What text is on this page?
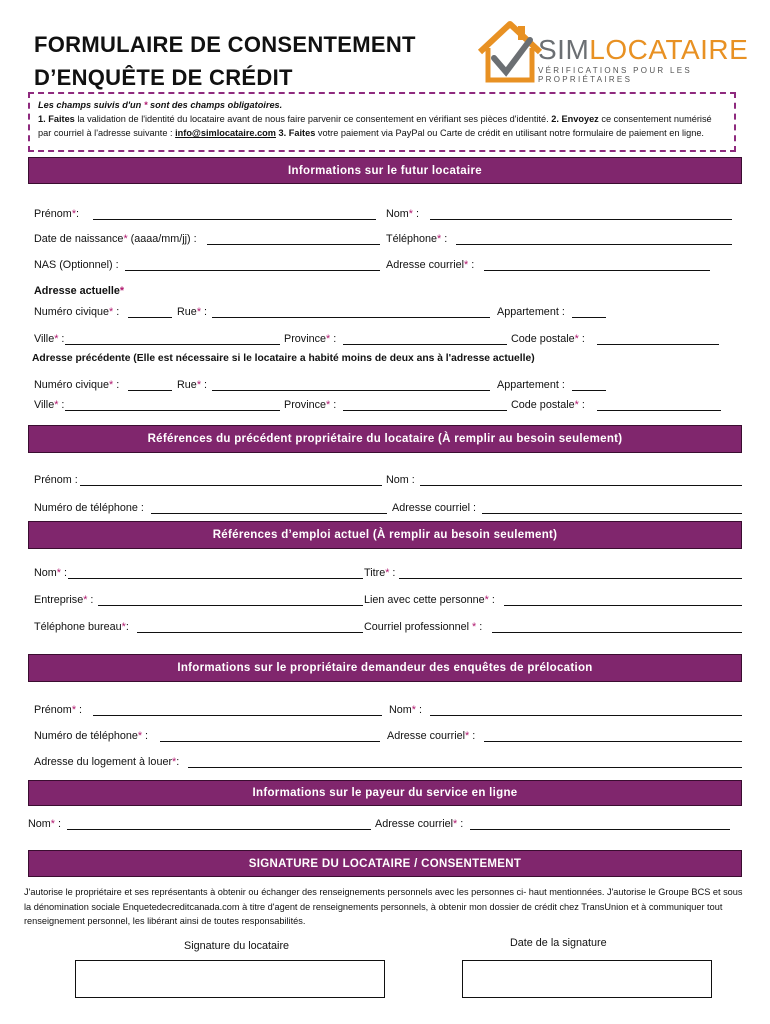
FORMULAIRE DE CONSENTEMENT
D’ENQUÊTE DE CRÉDIT
SIMLOCATAIRE
VÉRIFICATIONS POUR LES PROPRIÉTAIRES
Les champs suivis d'un * sont des champs obligatoires.
1. Faites la validation de l'identité du locataire avant de nous faire parvenir ce consentement en vérifiant ses pièces d'identité. 2. Envoyez ce consentement numérisé par courriel à l'adresse suivante : info@simlocataire.com 3. Faites votre paiement via PayPal ou Carte de crédit en utilisant notre formulaire de paiement en ligne.
Informations sur le futur locataire
Prénom*:	Nom* :
Date de naissance* (aaaa/mm/jj) :	Téléphone* :
NAS (Optionnel) :	Adresse courriel* :
Adresse actuelle*
Numéro civique* :	Rue* :	Appartement :
Ville* :	Province* :	Code postale* :
Adresse précédente (Elle est nécessaire si le locataire a habité moins de deux ans à l'adresse actuelle)
Numéro civique* :	Rue* :	Appartement :
Ville* :	Province* :	Code postale* :
Références du précédent propriétaire du locataire (À remplir au besoin seulement)
Prénom :	Nom :
Numéro de téléphone :	Adresse courriel :
Références d’emploi actuel (À remplir au besoin seulement)
Nom* :	Titre* :
Entreprise* :	Lien avec cette personne* :
Téléphone bureau*:	Courriel professionnel * :
Informations sur le propriétaire demandeur des enquêtes de prélocation
Prénom* :	Nom* :
Numéro de téléphone* :	Adresse courriel* :
Adresse du logement à louer*:
Informations sur le payeur du service en ligne
Nom* :	Adresse courriel* :
SIGNATURE DU LOCATAIRE / CONSENTEMENT
J'autorise le propriétaire et ses représentants à obtenir ou échanger des renseignements personnels avec les personnes ci- haut mentionnées. J'autorise le Groupe BCS et sous la dénomination sociale Enquetedecreditcanada.com à titre d'agent de renseignements personnels, à obtenir mon dossier de crédit chez TransUnion et à communiquer tout renseignement personnel, les libérant ainsi de toutes responsabilités.
Signature du locataire	Date de la signature
